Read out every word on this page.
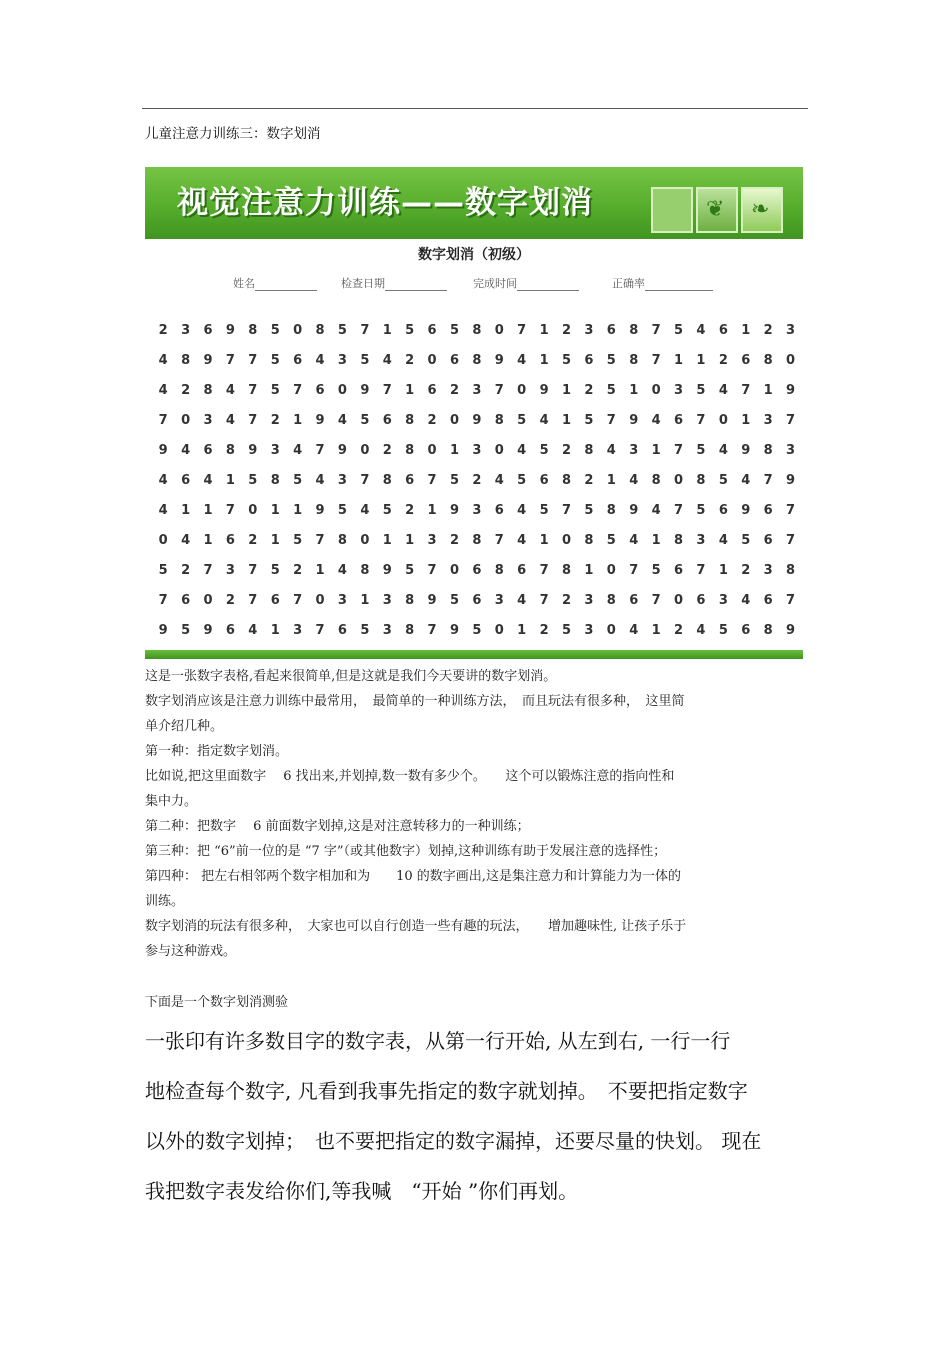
儿童注意力训练三：数字划消
视觉注意力训练——数字划消	❦ ❧
数字划消（初级）
姓名	检查日期	完成时间	正确率
2	3	6	9	8	5	0	8	5	7	1	5	6	5	8	0	7	1	2	3	6	8	7	5	4	6	1	2	3
4	8	9	7	7	5	6	4	3	5	4	2	0	6	8	9	4	1	5	6	5	8	7	1	1	2	6	8	0
4	2	8	4	7	5	7	6	0	9	7	1	6	2	3	7	0	9	1	2	5	1	0	3	5	4	7	1	9
7	0	3	4	7	2	1	9	4	5	6	8	2	0	9	8	5	4	1	5	7	9	4	6	7	0	1	3	7
9	4	6	8	9	3	4	7	9	0	2	8	0	1	3	0	4	5	2	8	4	3	1	7	5	4	9	8	3
4	6	4	1	5	8	5	4	3	7	8	6	7	5	2	4	5	6	8	2	1	4	8	0	8	5	4	7	9
4	1	1	7	0	1	1	9	5	4	5	2	1	9	3	6	4	5	7	5	8	9	4	7	5	6	9	6	7
0	4	1	6	2	1	5	7	8	0	1	1	3	2	8	7	4	1	0	8	5	4	1	8	3	4	5	6	7
5	2	7	3	7	5	2	1	4	8	9	5	7	0	6	8	6	7	8	1	0	7	5	6	7	1	2	3	8
7	6	0	2	7	6	7	0	3	1	3	8	9	5	6	3	4	7	2	3	8	6	7	0	6	3	4	6	7
9	5	9	6	4	1	3	7	6	5	3	8	7	9	5	0	1	2	5	3	0	4	1	2	4	5	6	8	9
这是一张数字表格,看起来很简单,但是这就是我们今天要讲的数字划消。
数字划消应该是注意力训练中最常用，　最简单的一种训练方法，　而且玩法有很多种，　这里简
单介绍几种。
第一种：指定数字划消。
比如说,把这里面数字　 6 找出来,并划掉,数一数有多少个。　　这个可以锻炼注意的指向性和
集中力。
第二种：把数字　 6 前面数字划掉,这是对注意转移力的一种训练；
第三种：把 “6”前一位的是 “7 字”（或其他数字）划掉,这种训练有助于发展注意的选择性；
第四种： 把左右相邻两个数字相加和为　　10 的数字画出,这是集注意力和计算能力为一体的
训练。
数字划消的玩法有很多种，　大家也可以自行创造一些有趣的玩法，　　增加趣味性, 让孩子乐于
参与这种游戏。
下面是一个数字划消测验
一张印有许多数目字的数字表，从第一行开始, 从左到右, 一行一行
地检查每个数字, 凡看到我事先指定的数字就划掉。　不要把指定数字
以外的数字划掉；　也不要把指定的数字漏掉，还要尽量的快划。 现在
我把数字表发给你们,等我喊　“开始 ”你们再划。
